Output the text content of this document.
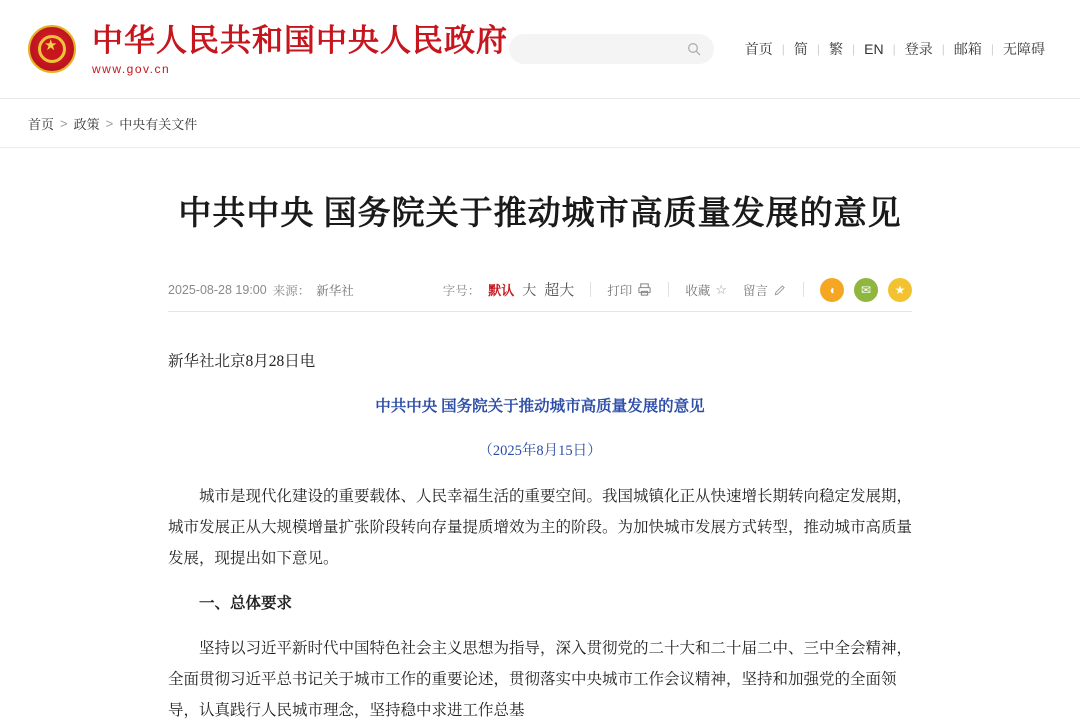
★ 中华人民共和国中央人民政府
www.gov.cn
首页 | 简 | 繁 | EN | 登录 | 邮箱 | 无障碍
首页 > 政策 > 中央有关文件
中共中央 国务院关于推动城市高质量发展的意见
2025-08-28 19:00 来源： 新华社	字号： 默认 大 超大	打印	收藏 ☆ 留言	◖	✉	★

新华社北京8月28日电

中共中央 国务院关于推动城市高质量发展的意见

（2025年8月15日）

城市是现代化建设的重要载体、人民幸福生活的重要空间。我国城镇化正从快速增长期转向稳定发展期，城市发展正从大规模增量扩张阶段转向存量提质增效为主的阶段。为加快城市发展方式转型，推动城市高质量发展，现提出如下意见。

一、总体要求

坚持以习近平新时代中国特色社会主义思想为指导，深入贯彻党的二十大和二十届二中、三中全会精神，全面贯彻习近平总书记关于城市工作的重要论述，贯彻落实中央城市工作会议精神，坚持和加强党的全面领导，认真践行人民城市理念，坚持稳中求进工作总基
